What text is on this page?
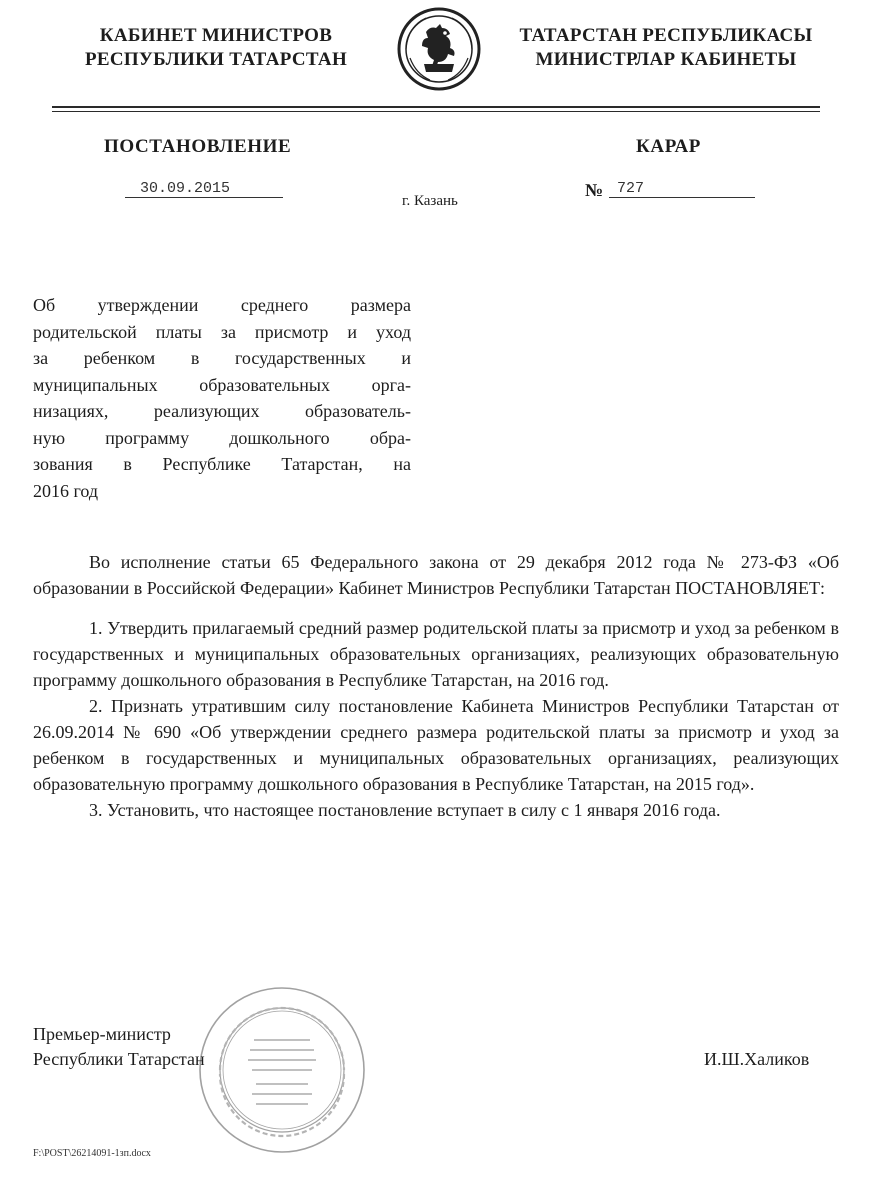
КАБИНЕТ МИНИСТРОВ
РЕСПУБЛИКИ ТАТАРСТАН
ТАТАРСТАН РЕСПУБЛИКАСЫ
МИНИСТРЛАР КАБИНЕТЫ
ПОСТАНОВЛЕНИЕ	КАРАР
30.09.2015
г. Казань
№ 727
Об утверждении среднего размера
родительской платы за присмотр и уход
за ребенком в государственных и
муниципальных образовательных орга-
низациях, реализующих образователь-
ную программу дошкольного обра-
зования в Республике Татарстан, на
2016 год

Во исполнение статьи 65 Федерального закона от 29 декабря 2012 года № 273-ФЗ «Об образовании в Российской Федерации» Кабинет Министров Республики Татарстан ПОСТАНОВЛЯЕТ:

1. Утвердить прилагаемый средний размер родительской платы за присмотр и уход за ребенком в государственных и муниципальных образовательных организациях, реализующих образовательную программу дошкольного образования в Республике Татарстан, на 2016 год.

2. Признать утратившим силу постановление Кабинета Министров Республики Татарстан от 26.09.2014 № 690 «Об утверждении среднего размера родительской платы за присмотр и уход за ребенком в государственных и муниципальных образовательных организациях, реализующих образовательную программу дошкольного образования в Республике Татарстан, на 2015 год».

3. Установить, что настоящее постановление вступает в силу с 1 января 2016 года.

Премьер-министр
Республики Татарстан	И.Ш.Халиков
F:\POST\26214091-1зп.docx
